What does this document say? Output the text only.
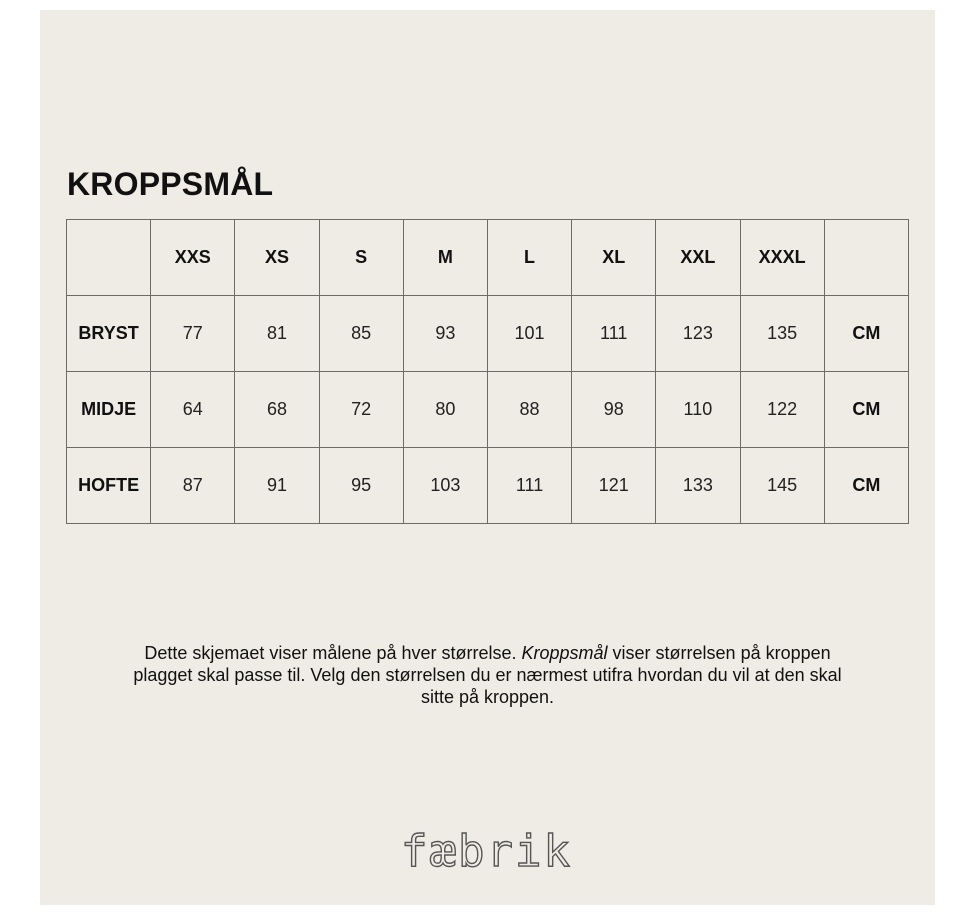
KROPPSMÅL
	XXS	XS	S	M	L	XL	XXL	XXXL	
BRYST	77	81	85	93	101	111	123	135	CM
MIDJE	64	68	72	80	88	98	110	122	CM
HOFTE	87	91	95	103	111	121	133	145	CM

Dette skjemaet viser målene på hver størrelse. Kroppsmål viser størrelsen på kroppen plagget skal passe til. Velg den størrelsen du er nærmest utifra hvordan du vil at den skal sitte på kroppen.

fæbrik
